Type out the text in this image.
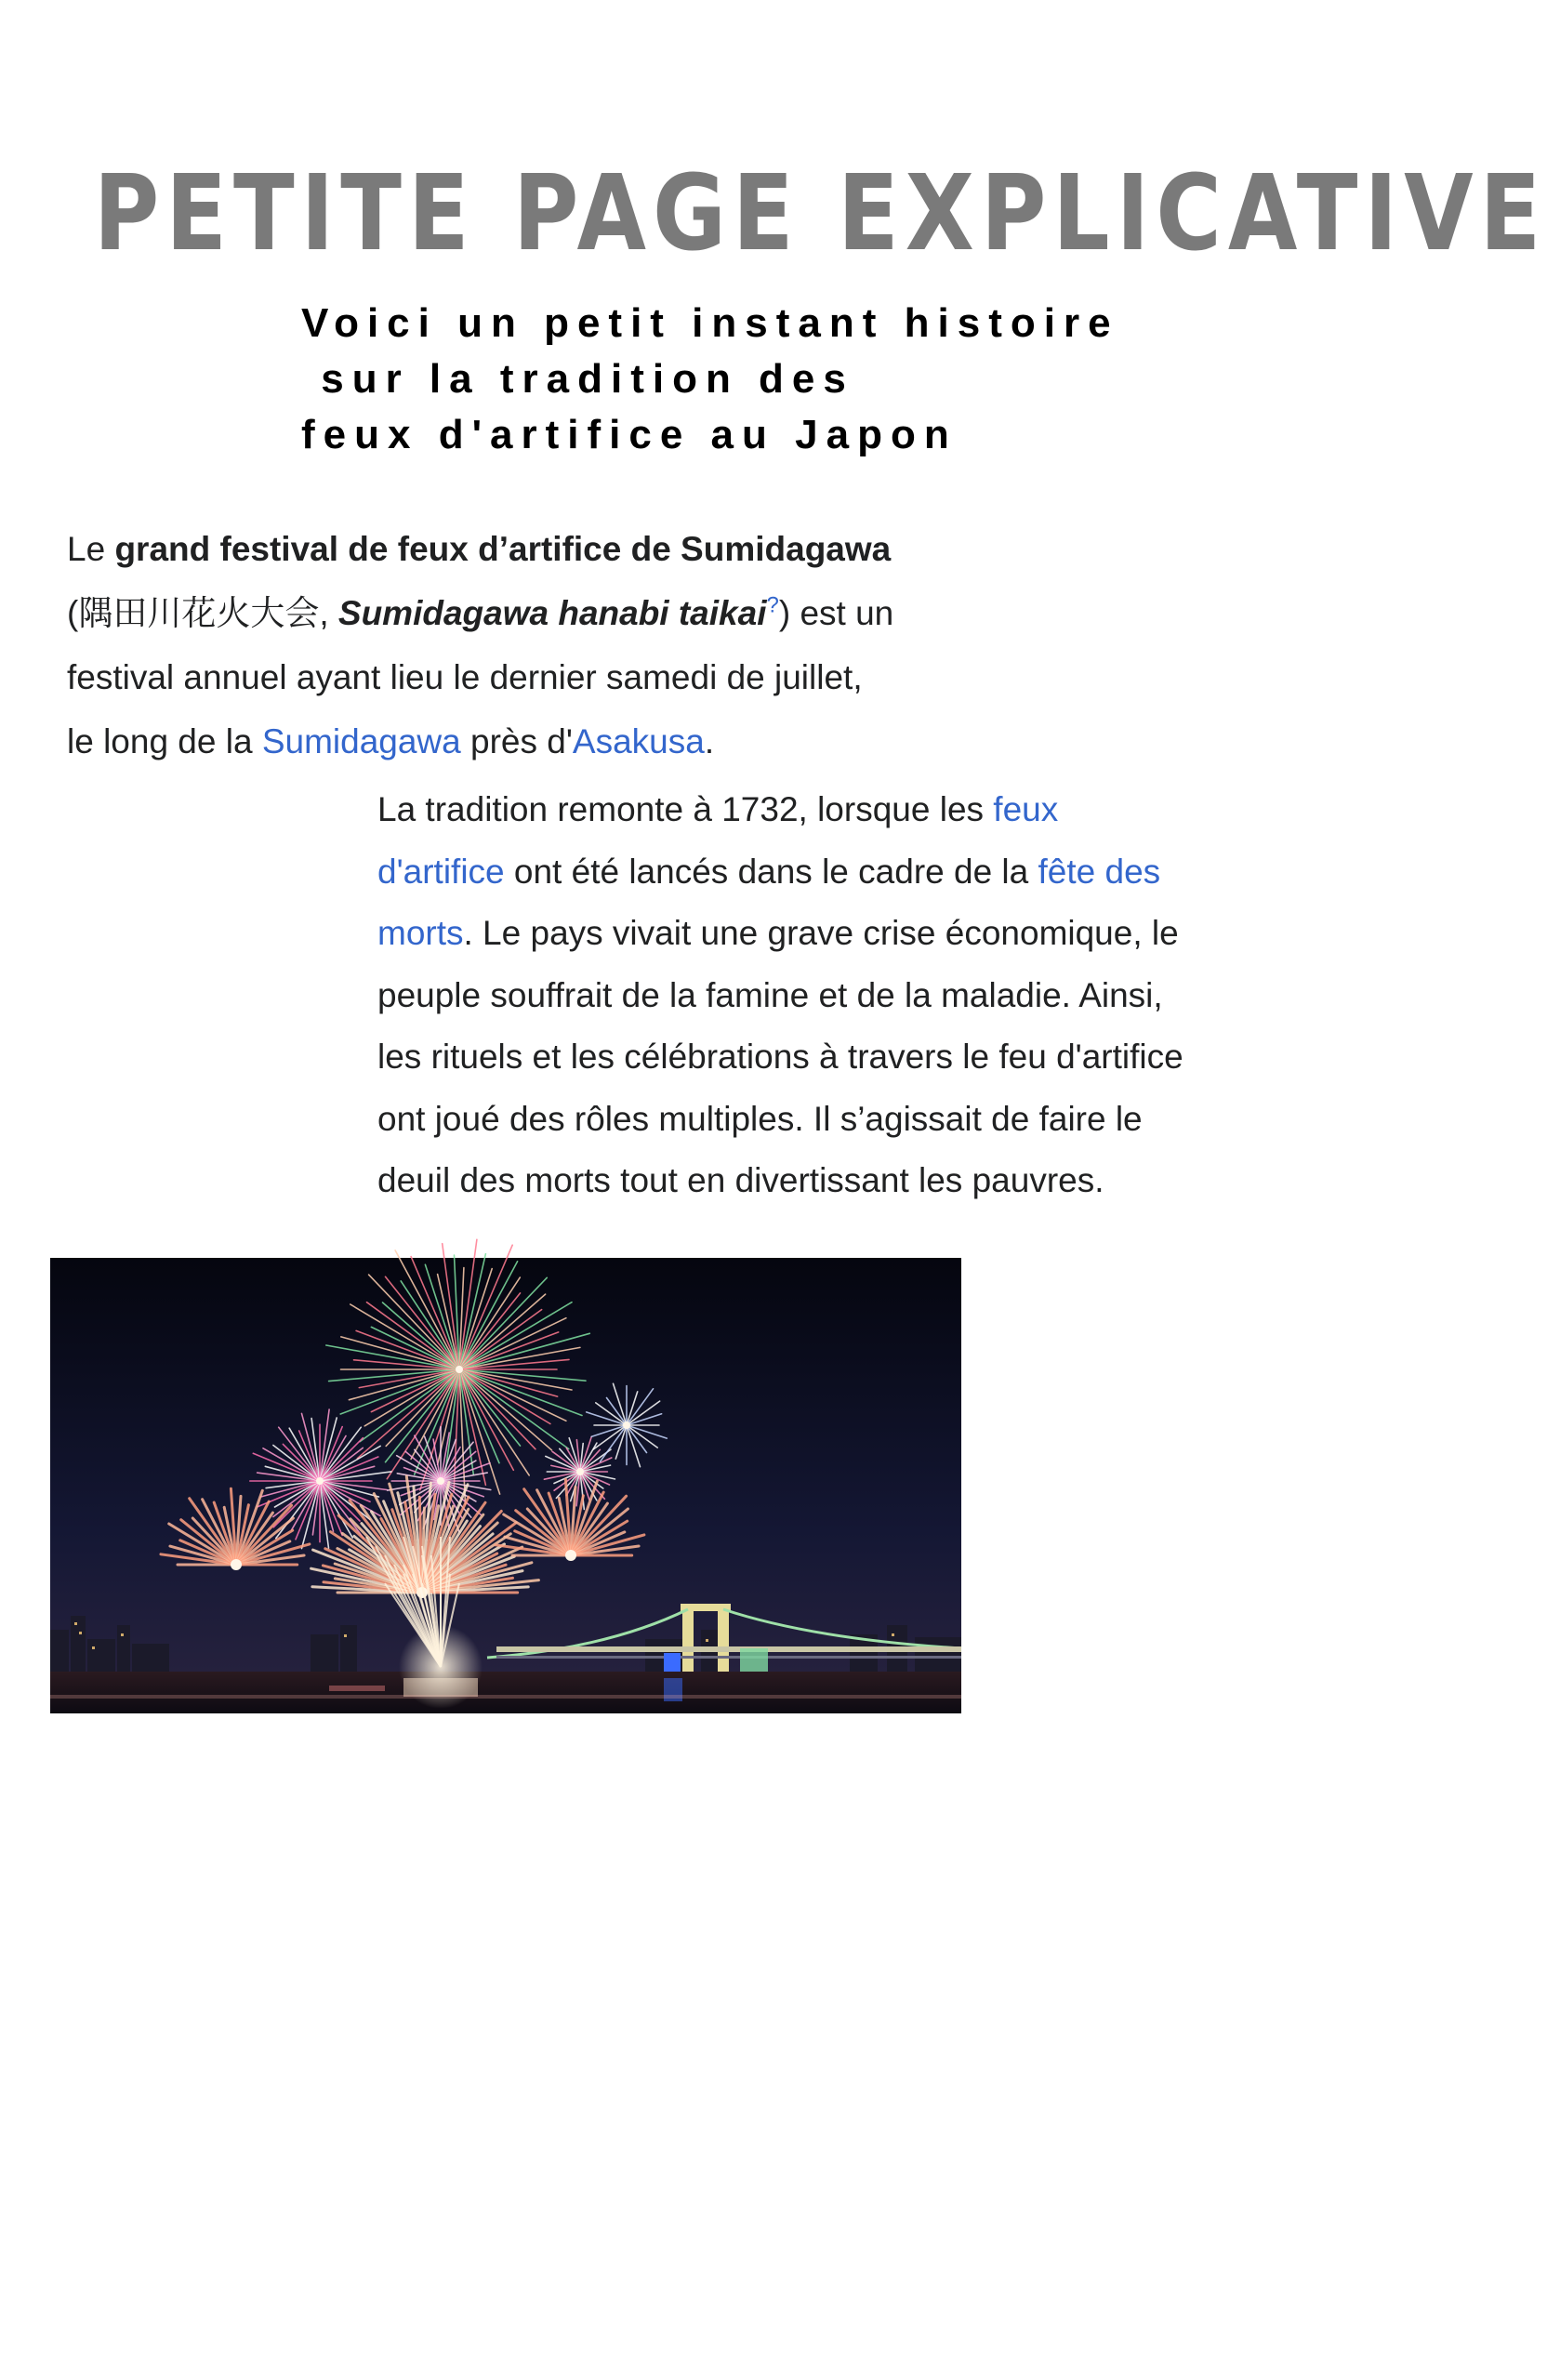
PETITE PAGE EXPLICATIVE
Voici un petit instant histoire
sur la tradition des
feux d'artifice au Japon
Le grand festival de feux d’artifice de Sumidagawa
(隅田川花火大会, Sumidagawa hanabi taikai?) est un
festival annuel ayant lieu le dernier samedi de juillet,
le long de la Sumidagawa près d'Asakusa.
La tradition remonte à 1732, lorsque les feux
d'artifice ont été lancés dans le cadre de la fête des
morts. Le pays vivait une grave crise économique, le
peuple souffrait de la famine et de la maladie. Ainsi,
les rituels et les célébrations à travers le feu d'artifice
ont joué des rôles multiples. Il s’agissait de faire le
deuil des morts tout en divertissant les pauvres.
